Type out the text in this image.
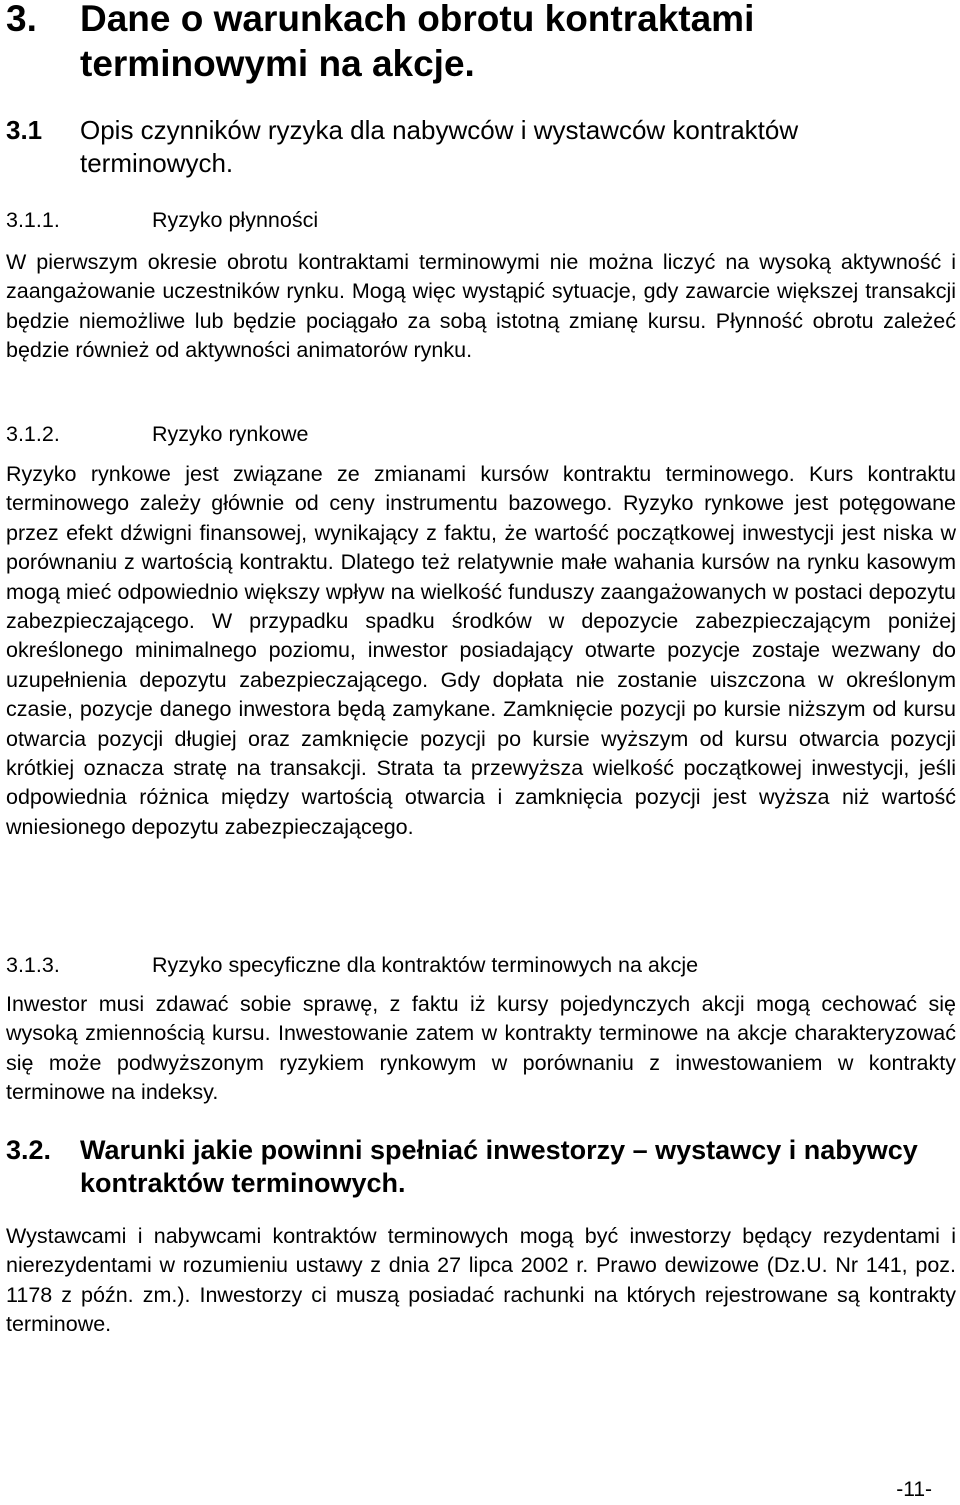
3. Dane o warunkach obrotu kontraktami terminowymi na akcje.
3.1 Opis czynników ryzyka dla nabywców i wystawców kontraktów terminowych.
3.1.1.	Ryzyko płynności

W pierwszym okresie obrotu kontraktami terminowymi nie można liczyć na wysoką aktywność i zaangażowanie uczestników rynku. Mogą więc wystąpić sytuacje, gdy zawarcie większej transakcji będzie niemożliwe lub będzie pociągało za sobą istotną zmianę kursu. Płynność obrotu zależeć będzie również od aktywności animatorów rynku.

3.1.2.	Ryzyko rynkowe

Ryzyko rynkowe jest związane ze zmianami kursów kontraktu terminowego. Kurs kontraktu terminowego zależy głównie od ceny instrumentu bazowego. Ryzyko rynkowe jest potęgowane przez efekt dźwigni finansowej, wynikający z faktu, że wartość początkowej inwestycji jest niska w porównaniu z wartością kontraktu. Dlatego też relatywnie małe wahania kursów na rynku kasowym mogą mieć odpowiednio większy wpływ na wielkość funduszy zaangażowanych w postaci depozytu zabezpieczającego. W przypadku spadku środków w depozycie zabezpieczającym poniżej określonego minimalnego poziomu, inwestor posiadający otwarte pozycje zostaje wezwany do uzupełnienia depozytu zabezpieczającego. Gdy dopłata nie zostanie uiszczona w określonym czasie, pozycje danego inwestora będą zamykane. Zamknięcie pozycji po kursie niższym od kursu otwarcia pozycji długiej oraz zamknięcie pozycji po kursie wyższym od kursu otwarcia pozycji krótkiej oznacza stratę na transakcji. Strata ta przewyższa wielkość początkowej inwestycji, jeśli odpowiednia różnica między wartością otwarcia i zamknięcia pozycji jest wyższa niż wartość wniesionego depozytu zabezpieczającego.

3.1.3.	Ryzyko specyficzne dla kontraktów terminowych na akcje

Inwestor musi zdawać sobie sprawę, z faktu iż kursy pojedynczych akcji mogą cechować się wysoką zmiennością kursu. Inwestowanie zatem w kontrakty terminowe na akcje charakteryzować się może podwyższonym ryzykiem rynkowym w porównaniu z inwestowaniem w kontrakty terminowe na indeksy.

3.2. Warunki jakie powinni spełniać inwestorzy – wystawcy i nabywcy kontraktów terminowych.

Wystawcami i nabywcami kontraktów terminowych mogą być inwestorzy będący rezydentami i nierezydentami w rozumieniu ustawy z dnia 27 lipca 2002 r. Prawo dewizowe (Dz.U. Nr 141, poz. 1178 z późn. zm.). Inwestorzy ci muszą posiadać rachunki na których rejestrowane są kontrakty terminowe.

-11-
